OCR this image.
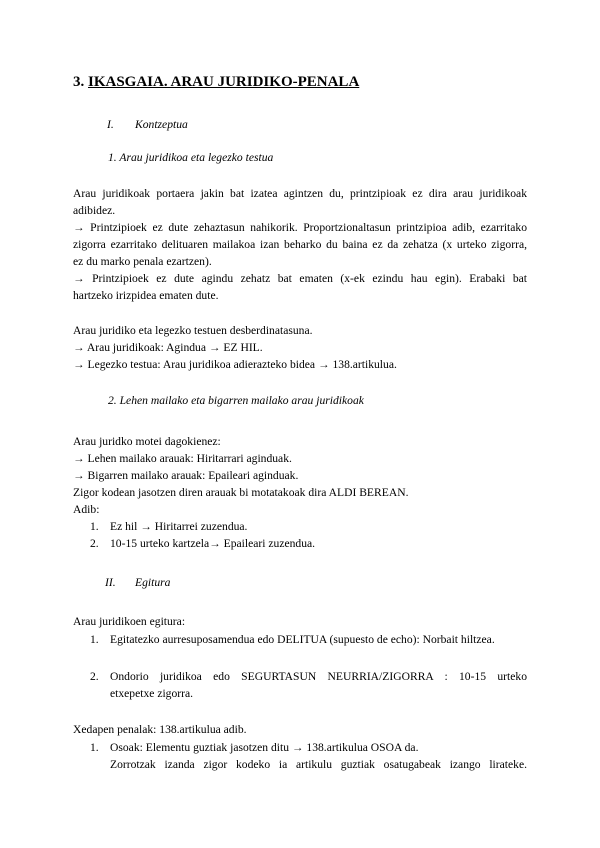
3. IKASGAIA. ARAU JURIDIKO-PENALA
I. Kontzeptua
1. Arau juridikoa eta legezko testua
Arau juridikoak portaera jakin bat izatea agintzen du, printzipioak ez dira arau juridikoak
adibidez.
→ Printzipioek ez dute zehaztasun nahikorik. Proportzionaltasun printzipioa adib, ezarritako
zigorra ezarritako delituaren mailakoa izan beharko du baina ez da zehatza (x urteko zigorra,
ez du marko penala ezartzen).
→ Printzipioek ez dute agindu zehatz bat ematen (x-ek ezindu hau egin). Erabaki bat
hartzeko irizpidea ematen dute.
Arau juridiko eta legezko testuen desberdinatasuna.
→ Arau juridikoak: Agindua → EZ HIL.
→ Legezko testua: Arau juridikoa adierazteko bidea → 138.artikulua.
2. Lehen mailako eta bigarren mailako arau juridikoak
Arau juridko motei dagokienez:
→ Lehen mailako arauak: Hiritarrari aginduak.
→ Bigarren mailako arauak: Epaileari aginduak.
Zigor kodean jasotzen diren arauak bi motatakoak dira ALDI BEREAN.
Adib:
1. Ez hil → Hiritarrei zuzendua.
2. 10-15 urteko kartzela→ Epaileari zuzendua.
II. Egitura
Arau juridikoen egitura:
1. Egitatezko aurresuposamendua edo DELITUA (supuesto de echo): Norbait hiltzea.
2. Ondorio juridikoa edo SEGURTASUN NEURRIA/ZIGORRA : 10-15 urteko
etxepetxe zigorra.
Xedapen penalak: 138.artikulua adib.
1. Osoak: Elementu guztiak jasotzen ditu → 138.artikulua OSOA da.
Zorrotzak izanda zigor kodeko ia artikulu guztiak osatugabeak izango lirateke.
